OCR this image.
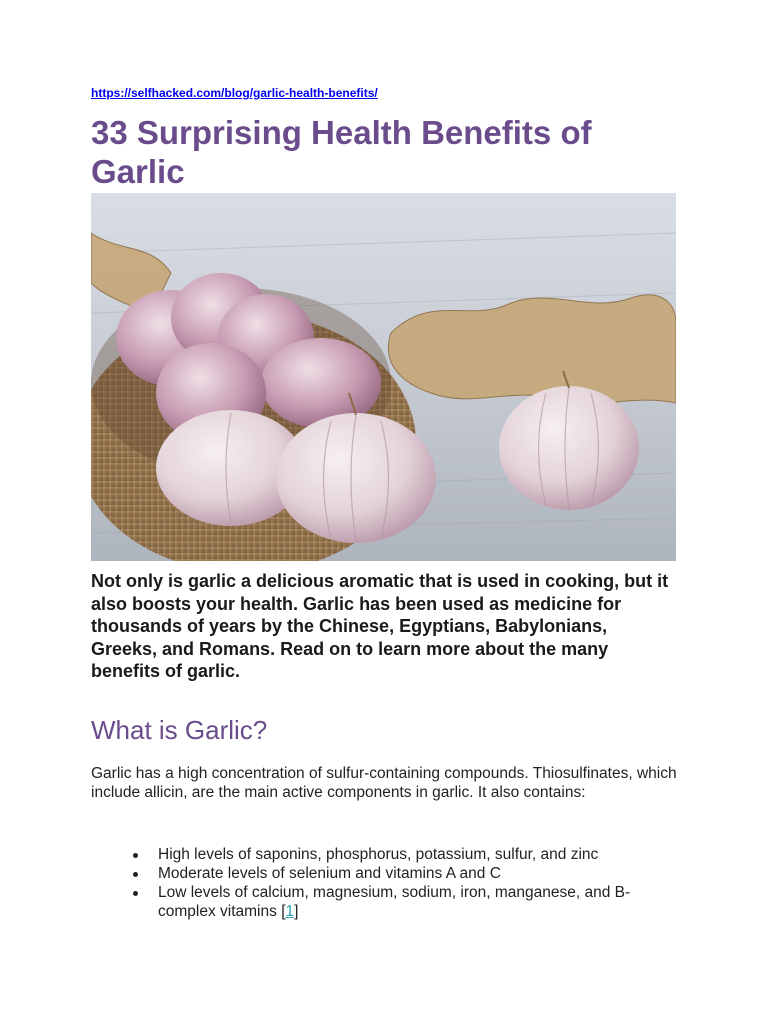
https://selfhacked.com/blog/garlic-health-benefits/
33 Surprising Health Benefits of Garlic

Not only is garlic a delicious aromatic that is used in cooking, but it also boosts your health. Garlic has been used as medicine for thousands of years by the Chinese, Egyptians, Babylonians, Greeks, and Romans. Read on to learn more about the many benefits of garlic.

What is Garlic?

Garlic has a high concentration of sulfur-containing compounds. Thiosulfinates, which include allicin, are the main active components in garlic. It also contains:

High levels of saponins, phosphorus, potassium, sulfur, and zinc
Moderate levels of selenium and vitamins A and C
Low levels of calcium, magnesium, sodium, iron, manganese, and B-complex vitamins [1]
